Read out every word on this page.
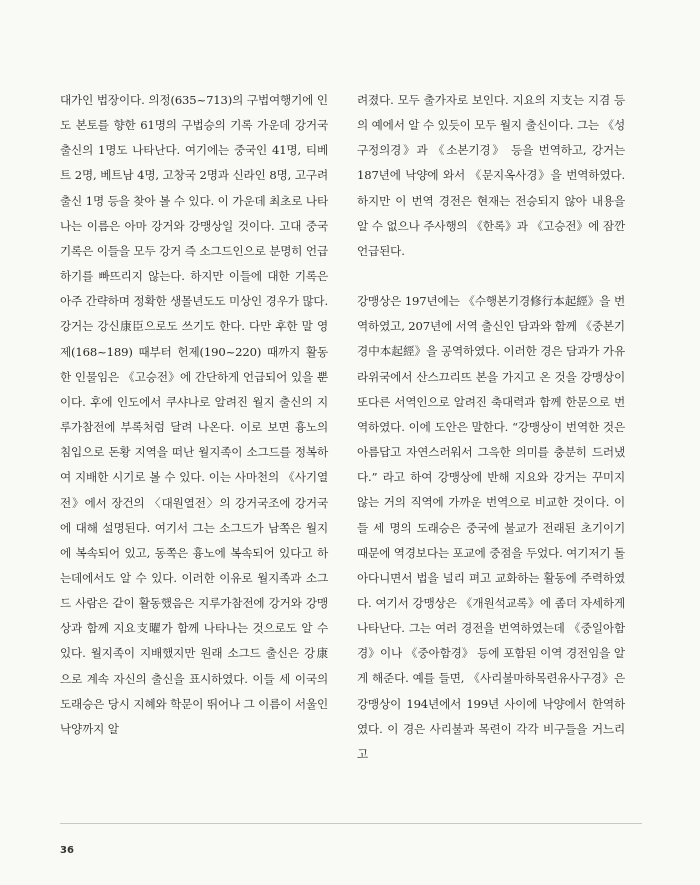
대가인 법장이다. 의정(635~713)의 구법여행기에 인도 본토를 향한 61명의 구법승의 기록 가운데 강거국 출신의 1명도 나타난다. 여기에는 중국인 41명, 티베트 2명, 베트남 4명, 고창국 2명과 신라인 8명, 고구려 출신 1명 등을 찾아 볼 수 있다. 이 가운데 최초로 나타나는 이름은 아마 강거와 강맹상일 것이다. 고대 중국기록은 이들을 모두 강거 즉 소그드인으로 분명히 언급하기를 빠뜨리지 않는다. 하지만 이들에 대한 기록은 아주 간략하며 정확한 생몰년도도 미상인 경우가 많다. 강거는 강신康臣으로도 쓰기도 한다. 다만 후한 말 영제(168~189) 때부터 헌제(190~220) 때까지 활동한 인물임은 《고승전》에 간단하게 언급되어 있을 뿐이다. 후에 인도에서 쿠샤나로 알려진 월지 출신의 지루가참전에 부록처럼 달려 나온다. 이로 보면 흉노의 침입으로 돈황 지역을 떠난 월지족이 소그드를 정복하여 지배한 시기로 볼 수 있다. 이는 사마천의 《사기열전》에서 장건의 〈대원열전〉의 강거국조에 강거국에 대해 설명된다. 여기서 그는 소그드가 남쪽은 월지에 복속되어 있고, 동쪽은 흉노에 복속되어 있다고 하는데에서도 알 수 있다. 이러한 이유로 월지족과 소그드 사람은 같이 활동했음은 지루가참전에 강거와 강맹상과 함께 지요支曜가 함께 나타나는 것으로도 알 수 있다. 월지족이 지배했지만 원래 소그드 출신은 강康으로 계속 자신의 출신을 표시하였다. 이들 세 이국의 도래승은 당시 지혜와 학문이 뛰어나 그 이름이 서울인 낙양까지 알

려졌다. 모두 출가자로 보인다. 지요의 지支는 지겸 등의 예에서 알 수 있듯이 모두 월지 출신이다. 그는 《성구정의경》과 《소본기경》 등을 번역하고, 강거는 187년에 낙양에 와서 《문지옥사경》을 번역하였다. 하지만 이 번역 경전은 현재는 전승되지 않아 내용을 알 수 없으나 주사행의 《한록》과 《고승전》에 잠깐 언급된다.

강맹상은 197년에는 《수행본기경修行本起經》을 번역하였고, 207년에 서역 출신인 담과와 함께 《중본기경中本起經》을 공역하였다. 이러한 경은 담과가 가유라위국에서 산스끄리뜨 본을 가지고 온 것을 강맹상이 또다른 서역인으로 알려진 축대력과 함께 한문으로 번역하였다. 이에 도안은 말한다. “강맹상이 번역한 것은 아름답고 자연스러워서 그윽한 의미를 충분히 드러냈다.” 라고 하여 강맹상에 반해 지요와 강거는 꾸미지 않는 거의 직역에 가까운 번역으로 비교한 것이다. 이들 세 명의 도래승은 중국에 불교가 전래된 초기이기 때문에 역경보다는 포교에 중점을 두었다. 여기저기 돌아다니면서 법을 널리 펴고 교화하는 활동에 주력하였다. 여기서 강맹상은 《개원석교록》에 좀더 자세하게 나타난다. 그는 여러 경전을 번역하였는데 《중일아함경》이나 《중아함경》 등에 포함된 이역 경전임을 알게 해준다. 예를 들면, 《사리불마하목련유사구경》은 강맹상이 194년에서 199년 사이에 낙양에서 한역하였다. 이 경은 사리불과 목련이 각각 비구들을 거느리고

36
